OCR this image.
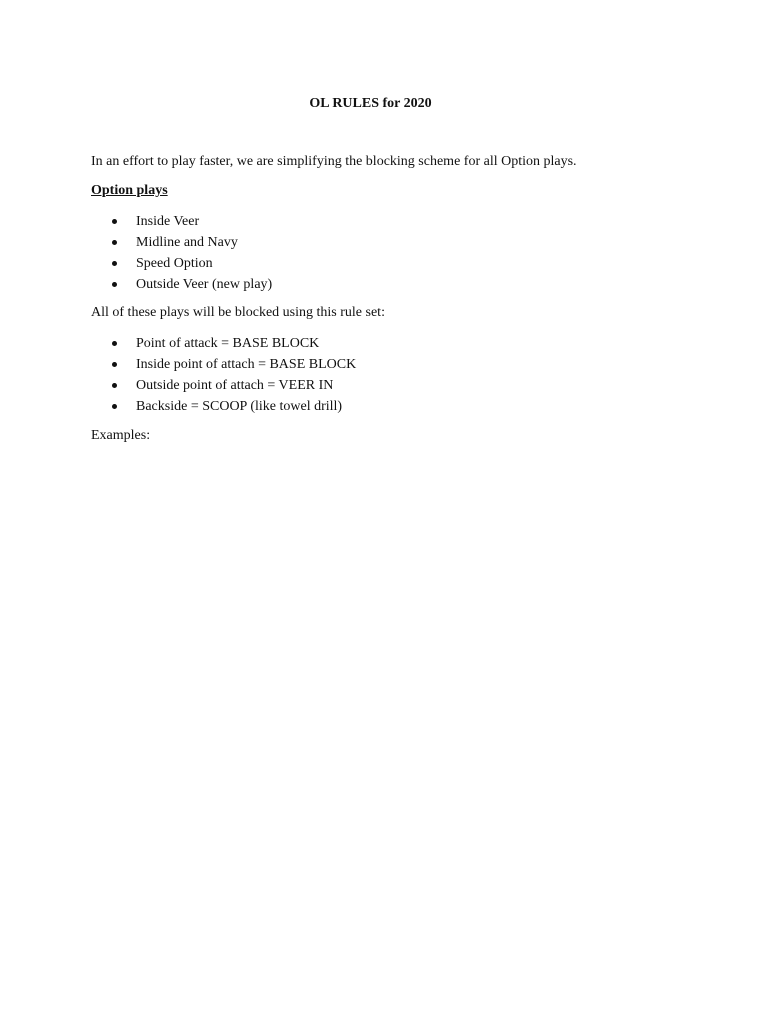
OL RULES for 2020

In an effort to play faster, we are simplifying the blocking scheme for all Option plays.

Option plays

Inside Veer
Midline and Navy
Speed Option
Outside Veer (new play)

All of these plays will be blocked using this rule set:

Point of attack = BASE BLOCK
Inside point of attach = BASE BLOCK
Outside point of attach = VEER IN
Backside = SCOOP (like towel drill)

Examples:
